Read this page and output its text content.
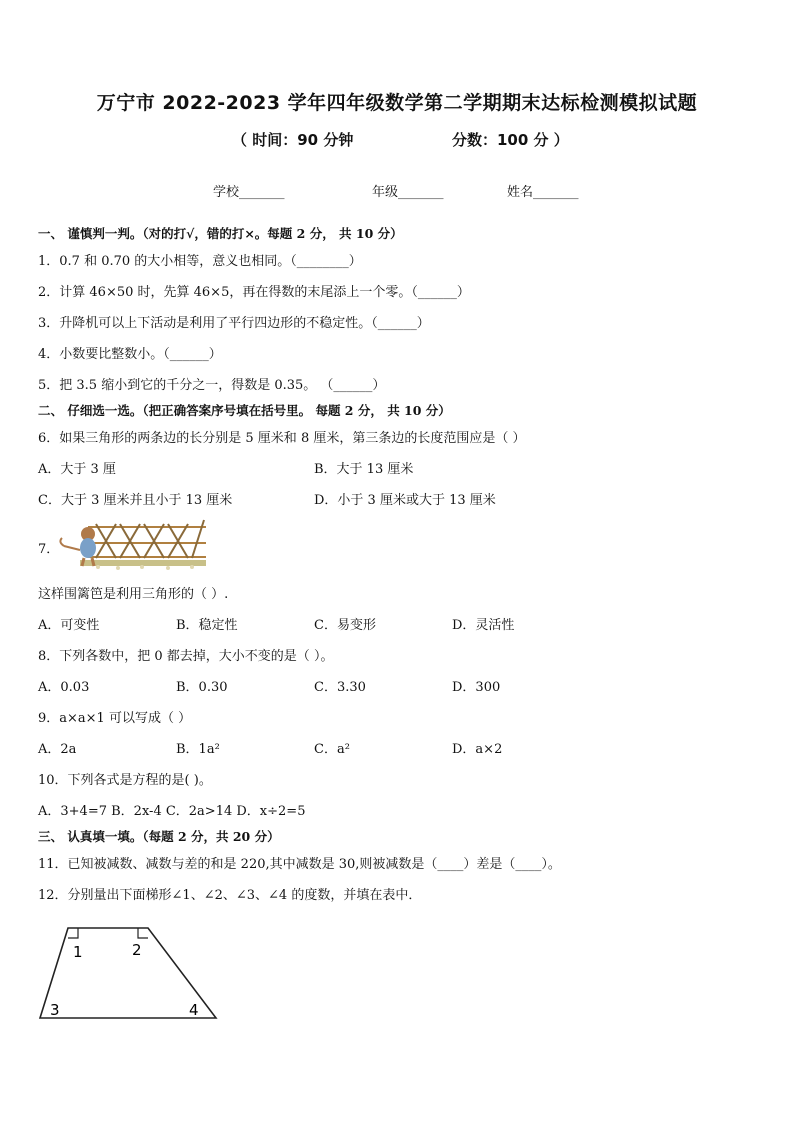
万宁市 2022-2023 学年四年级数学第二学期期末达标检测模拟试题
（ 时间：90 分钟	分数：100 分 ）
学校_______	年级_______	姓名_______
一、 谨慎判一判。（对的打√，错的打×。每题 2 分， 共 10 分）
1．0.7 和 0.70 的大小相等，意义也相同。（________）
2．计算 46×50 时，先算 46×5，再在得数的末尾添上一个零。（______）
3．升降机可以上下活动是利用了平行四边形的不稳定性。（______）
4．小数要比整数小。（______）
5．把 3.5 缩小到它的千分之一，得数是 0.35。 （______）
二、 仔细选一选。（把正确答案序号填在括号里。 每题 2 分， 共 10 分）
6．如果三角形的两条边的长分别是 5 厘米和 8 厘米，第三条边的长度范围应是（ ）
A．大于 3 厘	B．大于 13 厘米
C．大于 3 厘米并且小于 13 厘米	D．小于 3 厘米或大于 13 厘米
7．
这样围篱笆是利用三角形的（ ）.
A．可变性	B．稳定性	C．易变形	D．灵活性
8．下列各数中，把 0 都去掉，大小不变的是（ ）。
A．0.03	B．0.30	C．3.30	D．300
9．a×a×1 可以写成（ ）
A．2a	B．1a²	C．a²	D．a×2
10．下列各式是方程的是( )。
A．3+4=7 B．2x-4 C．2a>14 D．x÷2=5
三、 认真填一填。（每题 2 分，共 20 分）
11．已知被减数、减数与差的和是 220,其中减数是 30,则被减数是（____）差是（____）。
12．分别量出下面梯形∠1、∠2、∠3、∠4 的度数，并填在表中．
1	2
3	4
